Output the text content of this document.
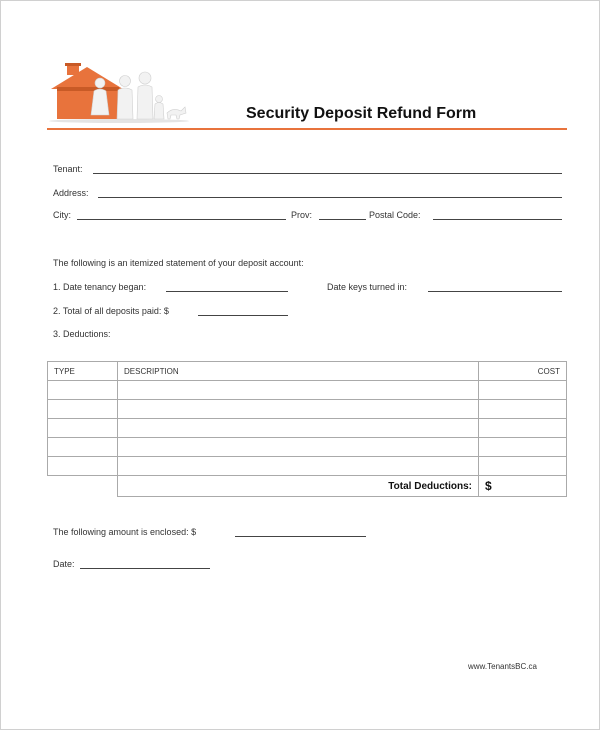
Security Deposit Refund Form
Tenant:
Address:
City:	Prov:	Postal Code:
The following is an itemized statement of your deposit account:
1. Date tenancy began:	Date keys turned in:
2. Total of all deposits paid: $
3. Deductions:
TYPE	DESCRIPTION	COST

	Total Deductions:	$
The following amount is enclosed: $
Date:
www.TenantsBC.ca
